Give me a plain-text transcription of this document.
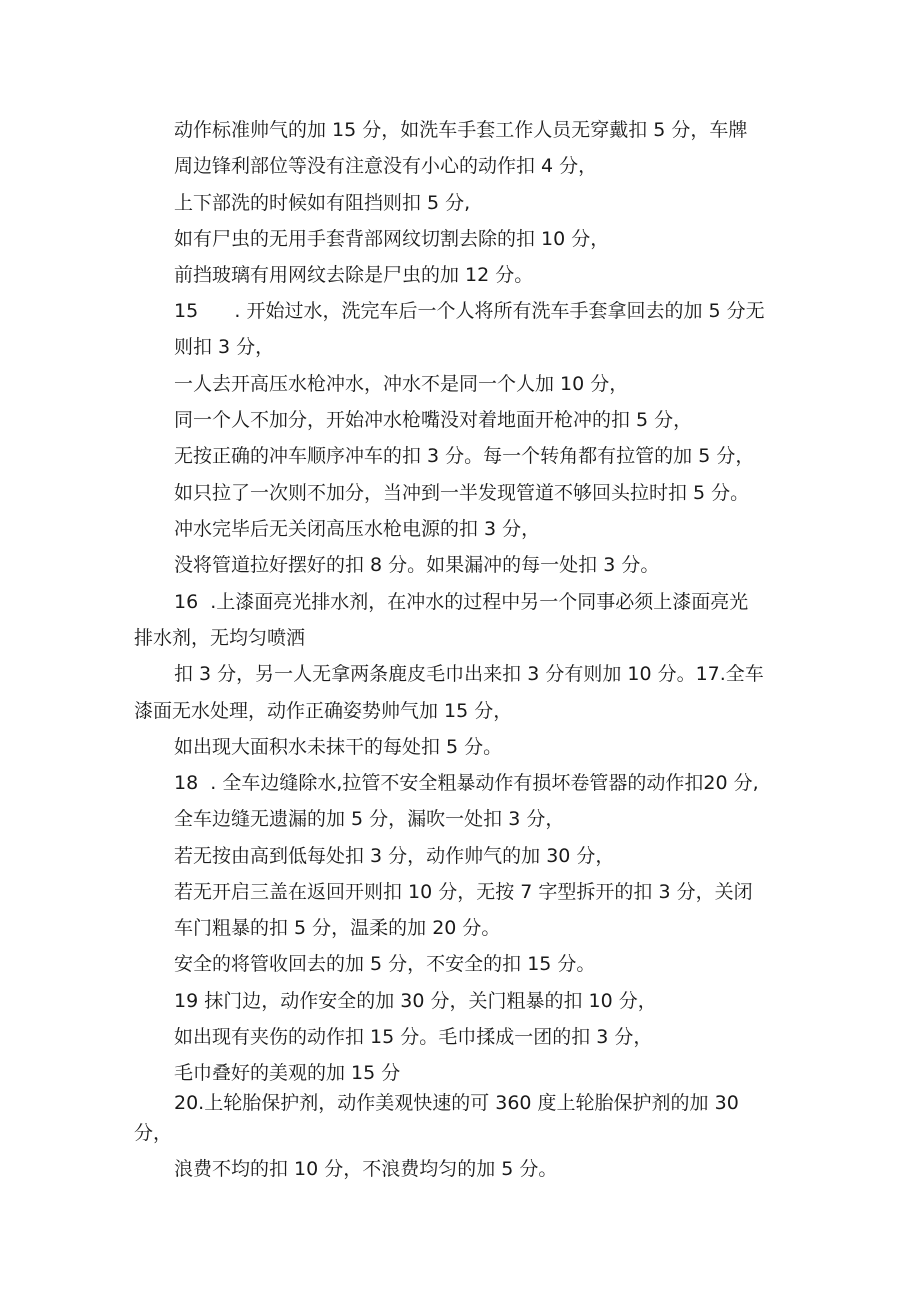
动作标准帅气的加 15 分，如洗车手套工作人员无穿戴扣 5 分，车牌
周边锋利部位等没有注意没有小心的动作扣 4 分，
上下部洗的时候如有阻挡则扣 5 分,
如有尸虫的无用手套背部网纹切割去除的扣 10 分，
前挡玻璃有用网纹去除是尸虫的加 12 分。
15      . 开始过水，洗完车后一个人将所有洗车手套拿回去的加 5 分无
则扣 3 分，
一人去开高压水枪冲水，冲水不是同一个人加 10 分，
同一个人不加分，开始冲水枪嘴没对着地面开枪冲的扣 5 分，
无按正确的冲车顺序冲车的扣 3 分。每一个转角都有拉管的加 5 分，
如只拉了一次则不加分，当冲到一半发现管道不够回头拉时扣 5 分。
冲水完毕后无关闭高压水枪电源的扣 3 分，
没将管道拉好摆好的扣 8 分。如果漏冲的每一处扣 3 分。
16  .上漆面亮光排水剂，在冲水的过程中另一个同事必须上漆面亮光
排水剂，无均匀喷洒
扣 3 分，另一人无拿两条鹿皮毛巾出来扣 3 分有则加 10 分。17.全车
漆面无水处理，动作正确姿势帅气加 15 分，
如出现大面积水未抹干的每处扣 5 分。
18  . 全车边缝除水,拉管不安全粗暴动作有损坏卷管器的动作扣20 分,
全车边缝无遗漏的加 5 分，漏吹一处扣 3 分，
若无按由高到低每处扣 3 分，动作帅气的加 30 分，
若无开启三盖在返回开则扣 10 分，无按 7 字型拆开的扣 3 分，关闭
车门粗暴的扣 5 分，温柔的加 20 分。
安全的将管收回去的加 5 分，不安全的扣 15 分。
19 抹门边，动作安全的加 30 分，关门粗暴的扣 10 分，
如出现有夹伤的动作扣 15 分。毛巾揉成一团的扣 3 分，
毛巾叠好的美观的加 15 分
20.上轮胎保护剂，动作美观快速的可 360 度上轮胎保护剂的加 30
分，
浪费不均的扣 10 分，不浪费均匀的加 5 分。
